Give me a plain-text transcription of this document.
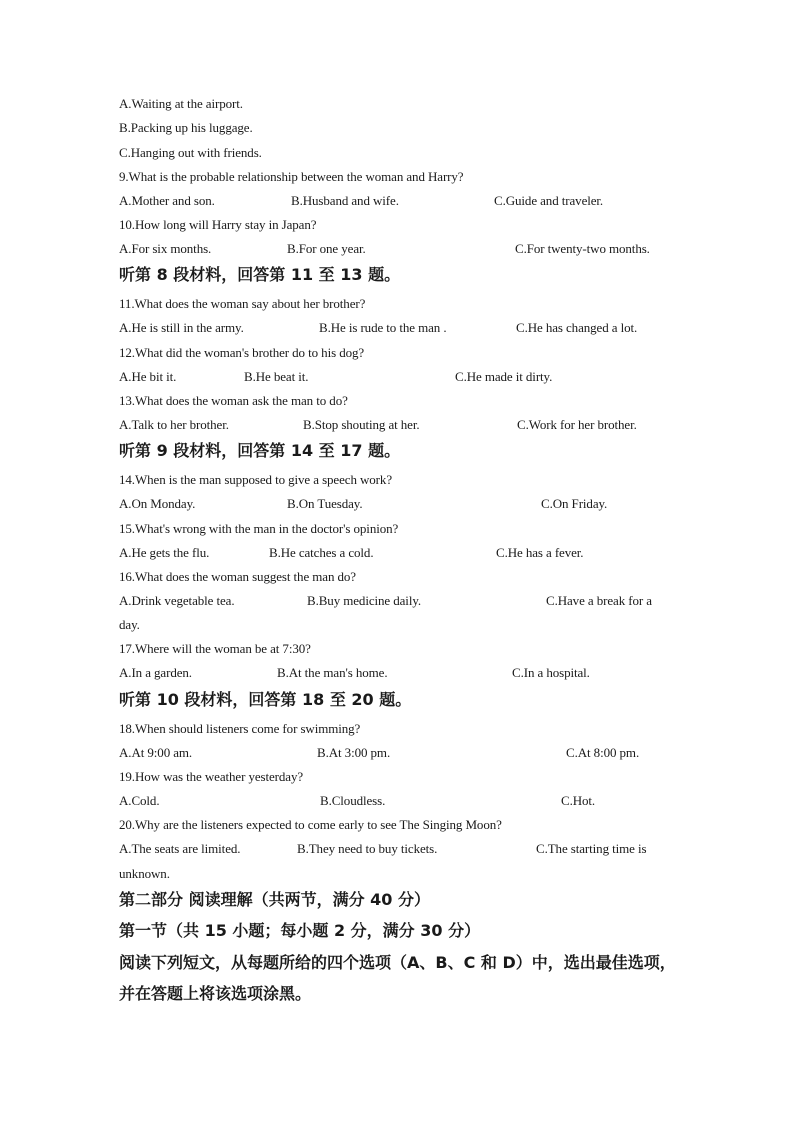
A.Waiting at the airport.
B.Packing up his luggage.
C.Hanging out with friends.
9.What is the probable relationship between the woman and Harry?
A.Mother and son.	B.Husband and wife.	C.Guide and traveler.
10.How long will Harry stay in Japan?
A.For six months.	B.For one year.	C.For twenty-two months.
听第 8 段材料，回答第 11 至 13 题。
11.What does the woman say about her brother?
A.He is still in the army.	B.He is rude to the man .	C.He has changed a lot.
12.What did the woman's brother do to his dog?
A.He bit it.	B.He beat it.	C.He made it dirty.
13.What does the woman ask the man to do?
A.Talk to her brother.	B.Stop shouting at her.	C.Work for her brother.
听第 9 段材料，回答第 14 至 17 题。
14.When is the man supposed to give a speech work?
A.On Monday.	B.On Tuesday.	C.On Friday.
15.What's wrong with the man in the doctor's opinion?
A.He gets the flu.	B.He catches a cold.	C.He has a fever.
16.What does the woman suggest the man do?
A.Drink vegetable tea.	B.Buy medicine daily.	C.Have a break for a
day.
17.Where will the woman be at 7:30?
A.In a garden.	B.At the man's home.	C.In a hospital.
听第 10 段材料，回答第 18 至 20 题。
18.When should listeners come for swimming?
A.At 9:00 am.	B.At 3:00 pm.	C.At 8:00 pm.
19.How was the weather yesterday?
A.Cold.	B.Cloudless.	C.Hot.
20.Why are the listeners expected to come early to see The Singing Moon?
A.The seats are limited.	B.They need to buy tickets.	C.The starting time is
unknown.
第二部分 阅读理解（共两节，满分 40 分）
第一节（共 15 小题；每小题 2 分，满分 30 分）
阅读下列短文，从每题所给的四个选项（A、B、C 和 D）中，选出最佳选项，
并在答题上将该选项涂黑。
